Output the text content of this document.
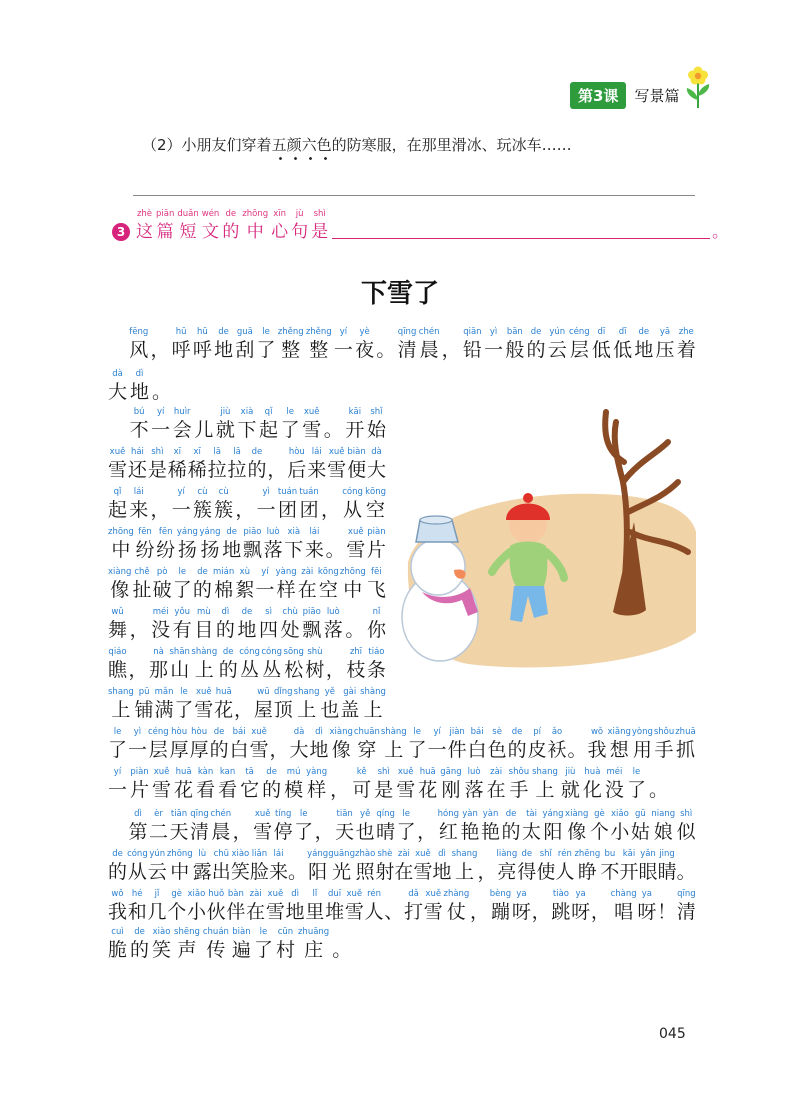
第3课	写景篇
（2）小朋友们穿着五颜六色的防寒服，在那里滑冰、玩冰车……
3
zhè
这
piān
篇
duǎn
短
wén
文
de
的
zhōng
中
xīn
心
jù
句
shì
是	。
下雪了

fēng
风 ，
hū
呼
hū
呼
de
地
guā
刮
le
了
zhěng
整
zhěng
整
yí
一
yè
夜 。
qīng
清
chén
晨 ，
qiān
铅
yì
一
bān
般
de
的
yún
云
céng
层
dī
低
dī
低
de
地
yā
压
zhe
着
dà
大
dì
地 。

bú
不
yí
一
huìr
会 儿
jiù
就
xià
下
qǐ
起
le
了
xuě
雪 。
kāi
开
shǐ
始
xuě
雪
hái
还
shì
是
xī
稀
xī
稀
lā
拉
lā
拉
de
的 ，
hòu
后
lái
来
xuě
雪
biàn
便
dà
大
qǐ
起
lái
来 ，
yí
一
cù
簇
cù
簇 ，
yì
一
tuán
团
tuán
团 ，
cóng
从
kōng
空
zhōng
中
fēn
纷
fēn
纷
yáng
扬
yáng
扬
de
地
piāo
飘
luò
落
xià
下
lái
来 。
xuě
雪
piàn
片
xiàng
像
chě
扯
pò
破
le
了
de
的
mián
棉
xù
絮
yí
一
yàng
样
zài
在
kōng
空
zhōng
中
fēi
飞
wǔ
舞 ，
méi
没
yǒu
有
mù
目
dì
的
de
地
sì
四
chù
处
piāo
飘
luò
落 。
nǐ
你
qiáo
瞧 ，
nà
那
shān
山
shàng
上
de
的
cóng
丛
cóng
丛
sōng
松
shù
树 ，
zhī
枝
tiáo
条
shang
上
pū
铺
mǎn
满
le
了
xuě
雪
huā
花 ，
wū
屋
dǐng
顶
shang
上
yě
也
gài
盖
shàng
上
le
了
yì
一
céng
层
hòu
厚
hòu
厚
de
的
bái
白
xuě
雪 ，
dà
大
dì
地
xiàng
像
chuān
穿
shàng
上
le
了
yí
一
jiàn
件
bái
白
sè
色
de
的
pí
皮
ǎo
袄 。
wǒ
我
xiǎng
想
yòng
用
shǒu
手
zhuā
抓
yí
一
piàn
片
xuě
雪
huā
花
kàn
看
kan
看
tā
它
de
的
mú
模
yàng
样 ，
kě
可
shì
是
xuě
雪
huā
花
gāng
刚
luò
落
zài
在
shǒu
手
shang
上
jiù
就
huà
化
méi
没
le
了 。

dì
第
èr
二
tiān
天
qīng
清
chén
晨 ，
xuě
雪
tíng
停
le
了 ，
tiān
天
yě
也
qíng
晴
le
了 ，
hóng
红
yàn
艳
yàn
艳
de
的
tài
太
yáng
阳
xiàng
像
gè
个
xiǎo
小
gū
姑
niang
娘
shì
似
de
的
cóng
从
yún
云
zhōng
中
lù
露
chū
出
xiào
笑
liǎn
脸
lái
来 。
yáng
阳
guāng
光
zhào
照
shè
射
zài
在
xuě
雪
dì
地
shang
上 ，
liàng
亮
de
得
shǐ
使
rén
人
zhēng
睁
bu
不
kāi
开
yǎn
眼
jing
睛 。
wǒ
我
hé
和
jǐ
几
gè
个
xiǎo
小
huǒ
伙
bàn
伴
zài
在
xuě
雪
dì
地
lǐ
里
duī
堆
xuě
雪
rén
人 、
dǎ
打
xuě
雪
zhàng
仗 ，
bèng
蹦
ya
呀 ，
tiào
跳
ya
呀 ，
chàng
唱
ya
呀 ！
qīng
清
cuì
脆
de
的
xiào
笑
shēng
声
chuán
传
biàn
遍
le
了
cūn
村
zhuāng
庄 。
045
